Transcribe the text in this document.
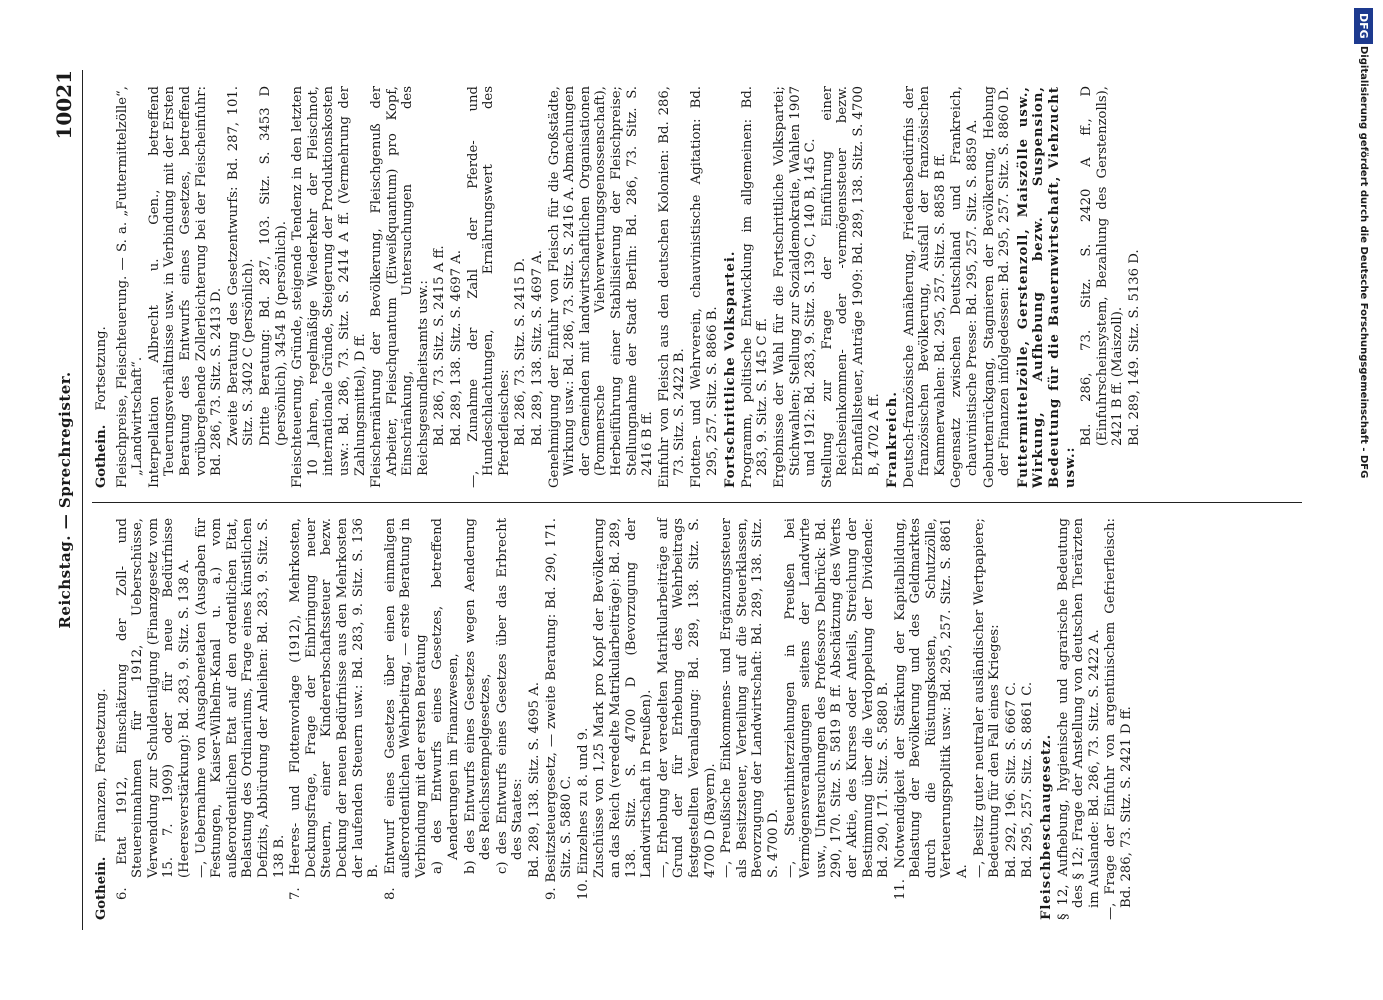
Reichstag. — Sprechregister.
10021
Gothein.Finanzen, Fortsetzung. 6. Etat 1912, Einschätzung der Zoll- und Steuereinnahmen für 1912, Ueberschüsse, Verwendung zur Schuldentilgung (Finanzgesetz vom 15. 7. 1909) oder für neue Bedürfnisse (Heeresverstärkung): Bd. 283, 9. Sitz. S. 138 A. —, Uebernahme von Ausgabenetaten (Ausgaben für Festungen, Kaiser-Wilhelm-Kanal u. a.) vom außerordentlichen Etat auf den ordentlichen Etat, Belastung des Ordinariums, Frage eines künstlichen Defizits, Abbürdung der Anleihen: Bd. 283, 9. Sitz. S. 138 B. 7. Heeres- und Flottenvorlage (1912), Mehrkosten, Deckungsfrage, Frage der Einbringung neuer Steuern, einer Kindererbschaftssteuer bezw. Deckung der neuen Bedürfnisse aus den Mehrkosten der laufenden Steuern usw.: Bd. 283, 9. Sitz. S. 136 B. 8. Entwurf eines Gesetzes über einen einmaligen außerordentlichen Wehrbeitrag, — erste Beratung in Verbindung mit der ersten Beratung a) des Entwurfs eines Gesetzes, betreffend Aenderungen im Finanzwesen, b) des Entwurfs eines Gesetzes wegen Aenderung des Reichsstempelgesetzes, c) des Entwurfs eines Gesetzes über das Erbrecht des Staates: Bd. 289, 138. Sitz. S. 4695 A. 9. Besitzsteuergesetz, — zweite Beratung: Bd. 290, 171. Sitz. S. 5880 C. 10. Einzelnes zu 8. und 9. Zuschüsse von 1,25 Mark pro Kopf der Bevölkerung an das Reich (veredelte Matrikularbeiträge): Bd. 289, 138. Sitz. S. 4700 D (Bevorzugung der Landwirtschaft in Preußen). —, Erhebung der veredelten Matrikularbeiträge auf Grund der für Erhebung des Wehrbeitrags festgestellten Veranlagung: Bd. 289, 138. Sitz. S. 4700 D (Bayern). —, Preußische Einkommens- und Ergänzungssteuer als Besitzsteuer, Verteilung auf die Steuerklassen, Bevorzugung der Landwirtschaft: Bd. 289, 138. Sitz. S. 4700 D. —, Steuerhinterziehungen in Preußen bei Vermögensveranlagungen seitens der Landwirte usw., Untersuchungen des Professors Delbrück: Bd. 290, 170. Sitz. S. 5819 B ff. Abschätzung des Werts der Aktie, des Kurses oder Anteils, Streichung der Bestimmung über die Verdoppelung der Dividende: Bd. 290, 171. Sitz. S. 5880 B. 11. Notwendigkeit der Stärkung der Kapitalbildung, Belastung der Bevölkerung und des Geldmarktes durch die Rüstungskosten, Schutzzölle, Verteuerungspolitik usw.: Bd. 295, 257. Sitz. S. 8861 A. —, Besitz guter neutraler ausländischer Wertpapiere; Bedeutung für den Fall eines Krieges: Bd. 292, 196. Sitz. S. 6667 C. Bd. 295, 257. Sitz. S. 8861 C. Fleischbeschaugesetz. § 12, Aufhebung, hygienische und agrarische Bedeutung des § 12; Frage der Anstellung von deutschen Tierärzten im Auslande: Bd. 286, 73. Sitz. S. 2422 A. —, Frage der Einfuhr von argentinischem Gefrierfleisch: Bd. 286, 73. Sitz. S. 2421 D ff.
Gothein.Fortsetzung. Fleischpreise, Fleischteuerung. — S. a. „Futtermittelzölle“, „Landwirtschaft“. Interpellation Albrecht u. Gen., betreffend Teuerungsverhältnisse usw. in Verbindung mit der Ersten Beratung des Entwurfs eines Gesetzes, betreffend vorübergehende Zollerleichterung bei der Fleischeinfuhr: Bd. 286, 73. Sitz. S. 2413 D. Zweite Beratung des Gesetzentwurfs: Bd. 287, 101. Sitz. S. 3402 C (persönlich). Dritte Beratung: Bd. 287, 103. Sitz. S. 3453 D (persönlich), 3454 B (persönlich). Fleischteuerung, Gründe, steigende Tendenz in den letzten 10 Jahren, regelmäßige Wiederkehr der Fleischnot, internationale Gründe, Steigerung der Produktionskosten usw.: Bd. 286, 73. Sitz. S. 2414 A ff. (Vermehrung der Zahlungsmittel), D ff. Fleischernährung der Bevölkerung, Fleischgenuß der Arbeiter, Fleischquantum (Eiweißquantum) pro Kopf, Einschränkung, Untersuchungen des Reichsgesundheitsamts usw.: Bd. 286, 73. Sitz. S. 2415 A ff. Bd. 289, 138. Sitz. S. 4697 A. —, Zunahme der Zahl der Pferde- und Hundeschlachtungen, Ernährungswert des Pferdefleisches: Bd. 286, 73. Sitz. S. 2415 D. Bd. 289, 138. Sitz. S. 4697 A. Genehmigung der Einfuhr von Fleisch für die Großstädte, Wirkung usw.: Bd. 286, 73. Sitz. S. 2416 A. Abmachungen der Gemeinden mit landwirtschaftlichen Organisationen (Pommersche Viehverwertungsgenossenschaft), Herbeiführung einer Stabilisierung der Fleischpreise; Stellungnahme der Stadt Berlin: Bd. 286, 73. Sitz. S. 2416 B ff. Einfuhr von Fleisch aus den deutschen Kolonien: Bd. 286, 73. Sitz. S. 2422 B. Flotten- und Wehrverein, chauvinistische Agitation: Bd. 295, 257. Sitz. S. 8866 B. Fortschrittliche Volkspartei. Programm, politische Entwicklung im allgemeinen: Bd. 283, 9. Sitz. S. 145 C ff. Ergebnisse der Wahl für die Fortschrittliche Volkspartei; Stichwahlen; Stellung zur Sozialdemokratie, Wahlen 1907 und 1912: Bd. 283, 9. Sitz. S. 139 C, 140 B, 145 C. Stellung zur Frage der Einführung einer Reichseinkommen- oder -vermögenssteuer bezw. Erbanfallsteuer, Anträge 1909: Bd. 289, 138. Sitz. S. 4700 B, 4702 A ff. Frankreich. Deutsch-französische Annäherung, Friedensbedürfnis der französischen Bevölkerung, Ausfall der französischen Kammerwahlen: Bd. 295, 257. Sitz. S. 8858 B ff. Gegensatz zwischen Deutschland und Frankreich, chauvinistische Presse: Bd. 295, 257. Sitz. S. 8859 A. Geburtenrückgang, Stagnieren der Bevölkerung, Hebung der Finanzen infolgedessen: Bd. 295, 257. Sitz. S. 8860 D. Futtermittelzölle, Gerstenzoll, Maiszölle usw., Wirkung, Aufhebung bezw. Suspension, Bedeutung für die Bauernwirtschaft, Viehzucht usw.:
Bd. 286, 73. Sitz. S. 2420 A ff., D (Einfuhrscheinsystem, Bezahlung des Gerstenzolls), 2421 B ff. (Maiszoll). Bd. 289, 149. Sitz. S. 5136 D.
DFG
Digitalisierung gefördert durch die Deutsche Forschungsgemeinschaft - DFG
